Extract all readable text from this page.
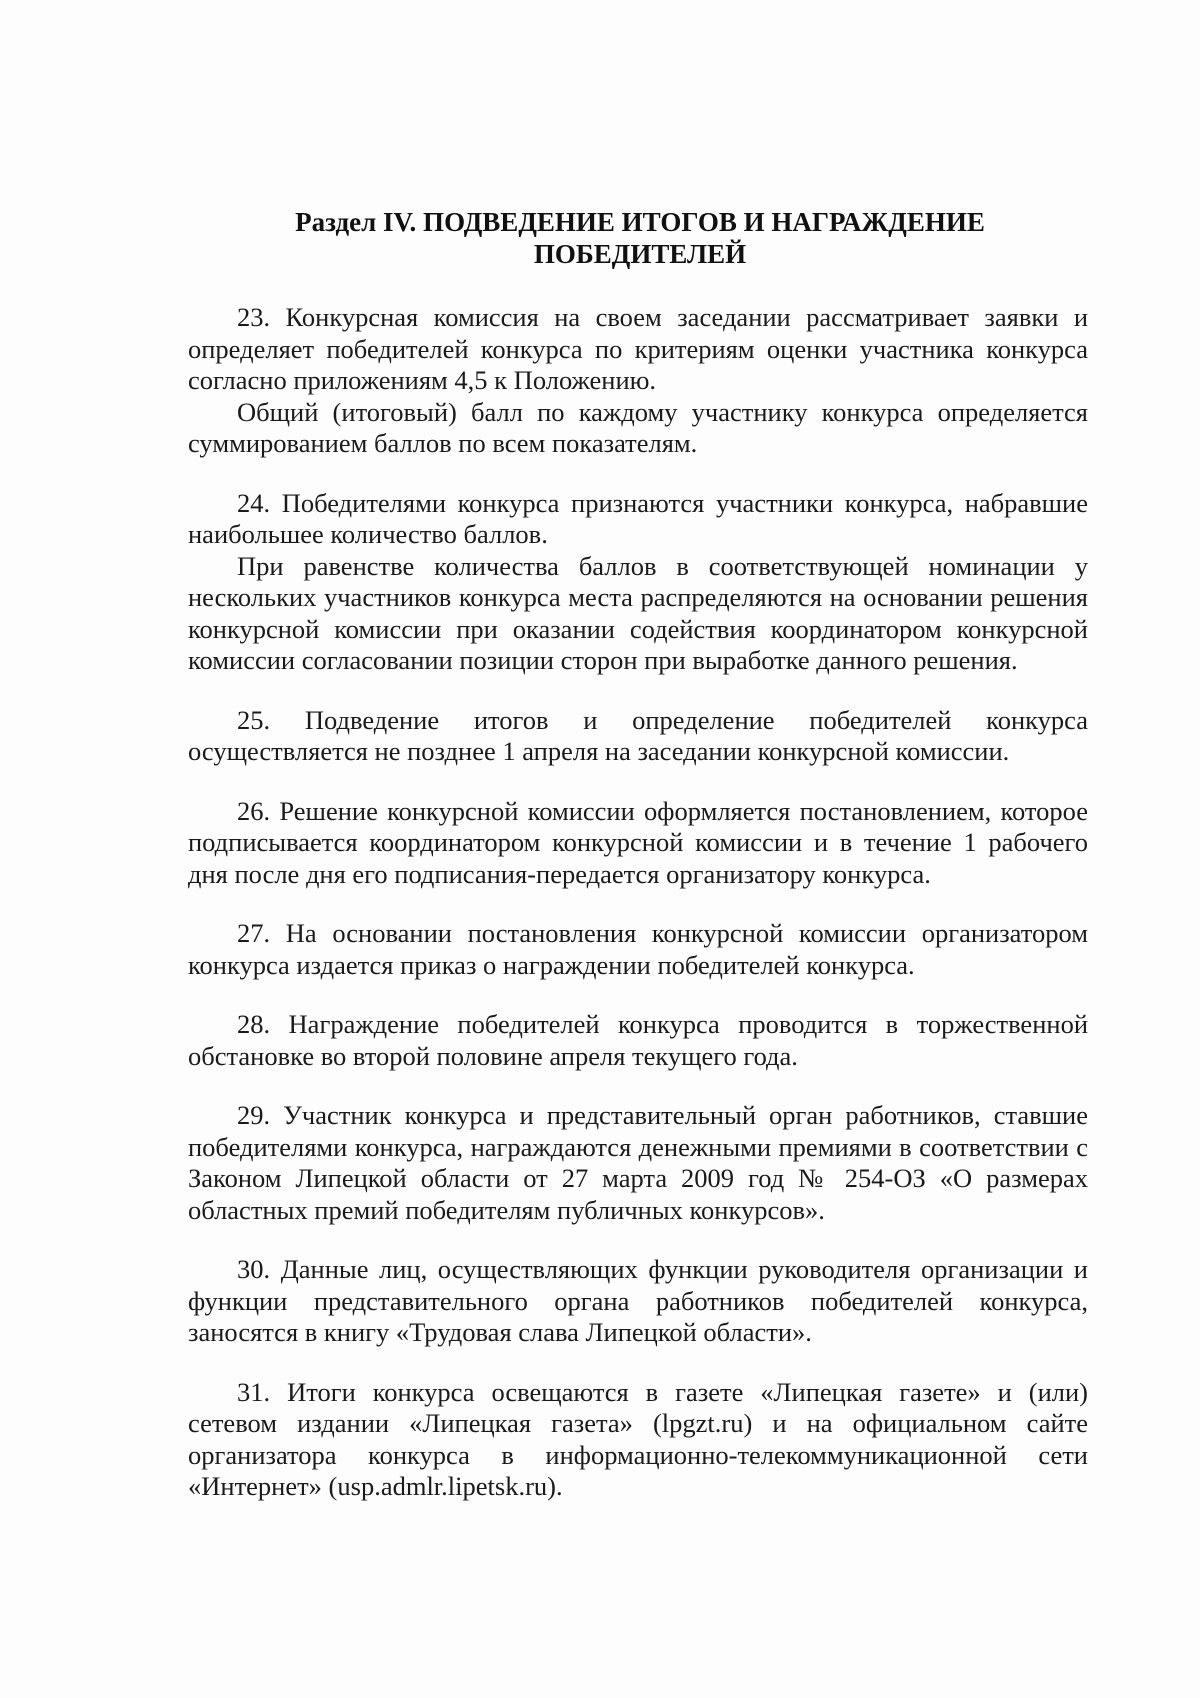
Раздел IV. ПОДВЕДЕНИЕ ИТОГОВ И НАГРАЖДЕНИЕ
ПОБЕДИТЕЛЕЙ

23. Конкурсная комиссия на своем заседании рассматривает заявки и определяет победителей конкурса по критериям оценки участника конкурса согласно приложениям 4,5 к Положению.

Общий (итоговый) балл по каждому участнику конкурса определяется суммированием баллов по всем показателям.

24. Победителями конкурса признаются участники конкурса, набравшие наибольшее количество баллов.

При равенстве количества баллов в соответствующей номинации у нескольких участников конкурса места распределяются на основании решения конкурсной комиссии при оказании содействия координатором конкурсной комиссии согласовании позиции сторон при выработке данного решения.

25. Подведение итогов и определение победителей конкурса осуществляется не позднее 1 апреля на заседании конкурсной комиссии.

26. Решение конкурсной комиссии оформляется постановлением, которое подписывается координатором конкурсной комиссии и в течение 1 рабочего дня после дня его подписания-передается организатору конкурса.

27. На основании постановления конкурсной комиссии организатором конкурса издается приказ о награждении победителей конкурса.

28. Награждение победителей конкурса проводится в торжественной обстановке во второй половине апреля текущего года.

29. Участник конкурса и представительный орган работников, ставшие победителями конкурса, награждаются денежными премиями в соответствии с Законом Липецкой области от 27 марта 2009 год № 254-ОЗ «О размерах областных премий победителям публичных конкурсов».

30. Данные лиц, осуществляющих функции руководителя организации и функции представительного органа работников победителей конкурса, заносятся в книгу «Трудовая слава Липецкой области».

31. Итоги конкурса освещаются в газете «Липецкая газете» и (или) сетевом издании «Липецкая газета» (lpgzt.ru) и на официальном сайте организатора конкурса в информационно-телекоммуникационной сети «Интернет» (usp.admlr.lipetsk.ru).
